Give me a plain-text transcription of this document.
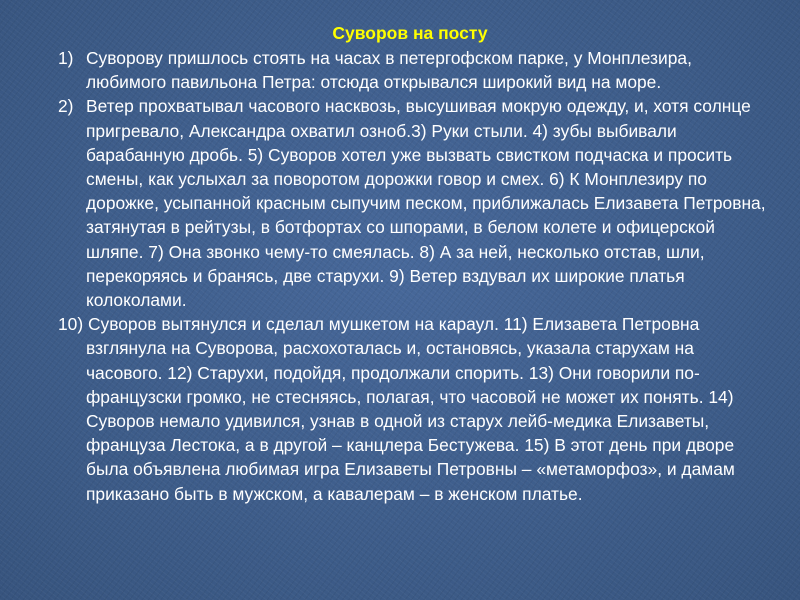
Суворов на посту
1) Суворову пришлось стоять на часах в петергофском парке, у Монплезира, любимого павильона Петра: отсюда открывался широкий вид на море.
2) Ветер прохватывал часового насквозь, высушивая мокрую одежду, и, хотя солнце пригревало, Александра охватил озноб.3) Руки стыли. 4) зубы выбивали барабанную дробь. 5) Суворов хотел уже вызвать свистком подчаска и просить смены, как услыхал за поворотом дорожки говор и смех. 6) К Монплезиру по дорожке, усыпанной красным сыпучим песком, приближалась Елизавета Петровна, затянутая в рейтузы, в ботфортах со шпорами, в белом колете и офицерской шляпе. 7) Она звонко чему-то смеялась. 8) А за ней, несколько отстав, шли, перекоряясь и бранясь, две старухи. 9) Ветер вздувал их широкие платья колоколами.
10) Суворов вытянулся и сделал мушкетом на караул. 11) Елизавета Петровна взглянула на Суворова, расхохоталась и, остановясь, указала старухам на часового. 12) Старухи, подойдя, продолжали спорить. 13) Они говорили по-французски громко, не стесняясь, полагая, что часовой не может их понять. 14) Суворов немало удивился, узнав в одной из старух лейб-медика Елизаветы, француза Лестока, а в другой – канцлера Бестужева. 15) В этот день при дворе была объявлена любимая игра Елизаветы Петровны – «метаморфоз», и дамам приказано быть в мужском, а кавалерам – в женском платье.
